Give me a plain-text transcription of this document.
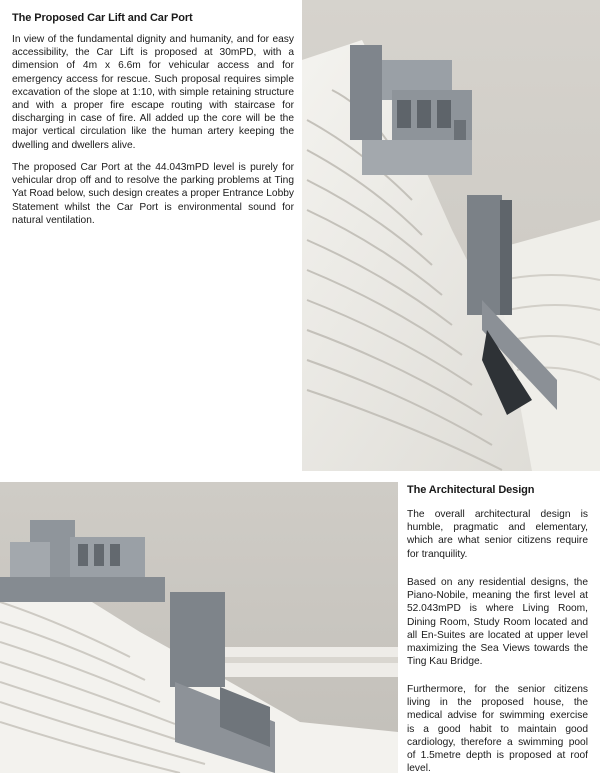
The Proposed Car Lift and Car Port

In view of the fundamental dignity and humanity, and for easy accessibility, the Car Lift is proposed at 30mPD, with a dimension of 4m x 6.6m for vehicular access and for emergency access for rescue. Such proposal requires simple excavation of the slope at 1:10, with simple retaining structure and with a proper fire escape routing with staircase for discharging in case of fire. All added up the core will be the major vertical circulation like the human artery keeping the dwelling and dwellers alive.

The proposed Car Port at the 44.043mPD level is purely for vehicular drop off and to resolve the parking problems at Ting Yat Road below, such design creates a proper Entrance Lobby Statement whilst the Car Port is environmental sound for natural ventilation.

The Architectural Design

The overall architectural design is humble, pragmatic and elementary, which are what senior citizens require for tranquility.

Based on any residential designs, the Piano-Nobile, meaning the first level at 52.043mPD is where Living Room, Dining Room, Study Room located and all En-Suites are located at upper level maximizing the Sea Views towards the Ting Kau Bridge.

Furthermore, for the senior citizens living in the proposed house, the medical advise for swimming exercise is a good habit to maintain good cardiology, therefore a swimming pool of 1.5metre depth is proposed at roof level.
